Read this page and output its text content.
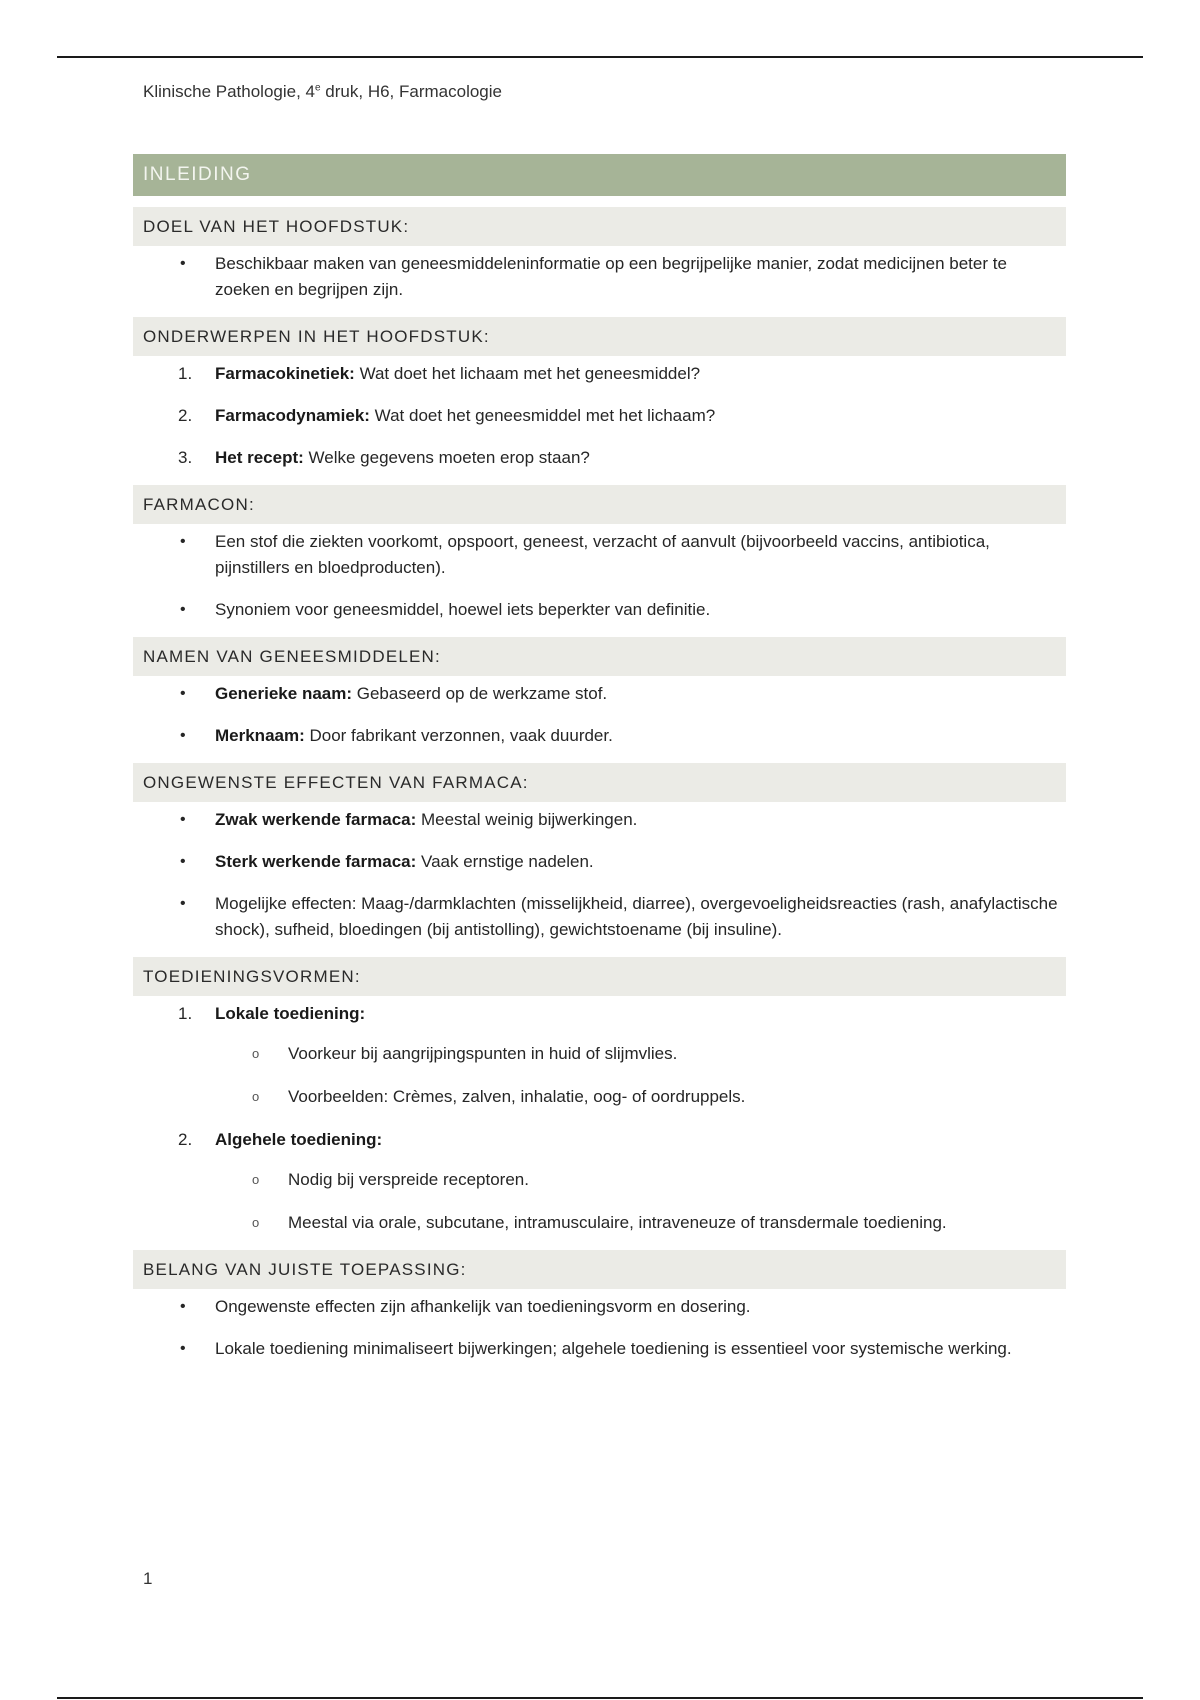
Klinische Pathologie, 4e druk, H6, Farmacologie
INLEIDING
DOEL VAN HET HOOFDSTUK:
•	Beschikbaar maken van geneesmiddeleninformatie op een begrijpelijke manier, zodat medicijnen beter te zoeken en begrijpen zijn.
ONDERWERPEN IN HET HOOFDSTUK:
1.	Farmacokinetiek: Wat doet het lichaam met het geneesmiddel?
2.	Farmacodynamiek: Wat doet het geneesmiddel met het lichaam?
3.	Het recept: Welke gegevens moeten erop staan?
FARMACON:
•	Een stof die ziekten voorkomt, opspoort, geneest, verzacht of aanvult (bijvoorbeeld vaccins, antibiotica, pijnstillers en bloedproducten).
•	Synoniem voor geneesmiddel, hoewel iets beperkter van definitie.
NAMEN VAN GENEESMIDDELEN:
•	Generieke naam: Gebaseerd op de werkzame stof.
•	Merknaam: Door fabrikant verzonnen, vaak duurder.
ONGEWENSTE EFFECTEN VAN FARMACA:
•	Zwak werkende farmaca: Meestal weinig bijwerkingen.
•	Sterk werkende farmaca: Vaak ernstige nadelen.
•	Mogelijke effecten: Maag-/darmklachten (misselijkheid, diarree), overgevoeligheidsreacties (rash, anafylactische shock), sufheid, bloedingen (bij antistolling), gewichtstoename (bij insuline).
TOEDIENINGSVORMEN:
1.	Lokale toediening:
o Voorkeur bij aangrijpingspunten in huid of slijmvlies.
o Voorbeelden: Crèmes, zalven, inhalatie, oog- of oordruppels.
2.	Algehele toediening:
o Nodig bij verspreide receptoren.
o Meestal via orale, subcutane, intramusculaire, intraveneuze of transdermale toediening.
BELANG VAN JUISTE TOEPASSING:
•	Ongewenste effecten zijn afhankelijk van toedieningsvorm en dosering.
•	Lokale toediening minimaliseert bijwerkingen; algehele toediening is essentieel voor systemische werking.
1
